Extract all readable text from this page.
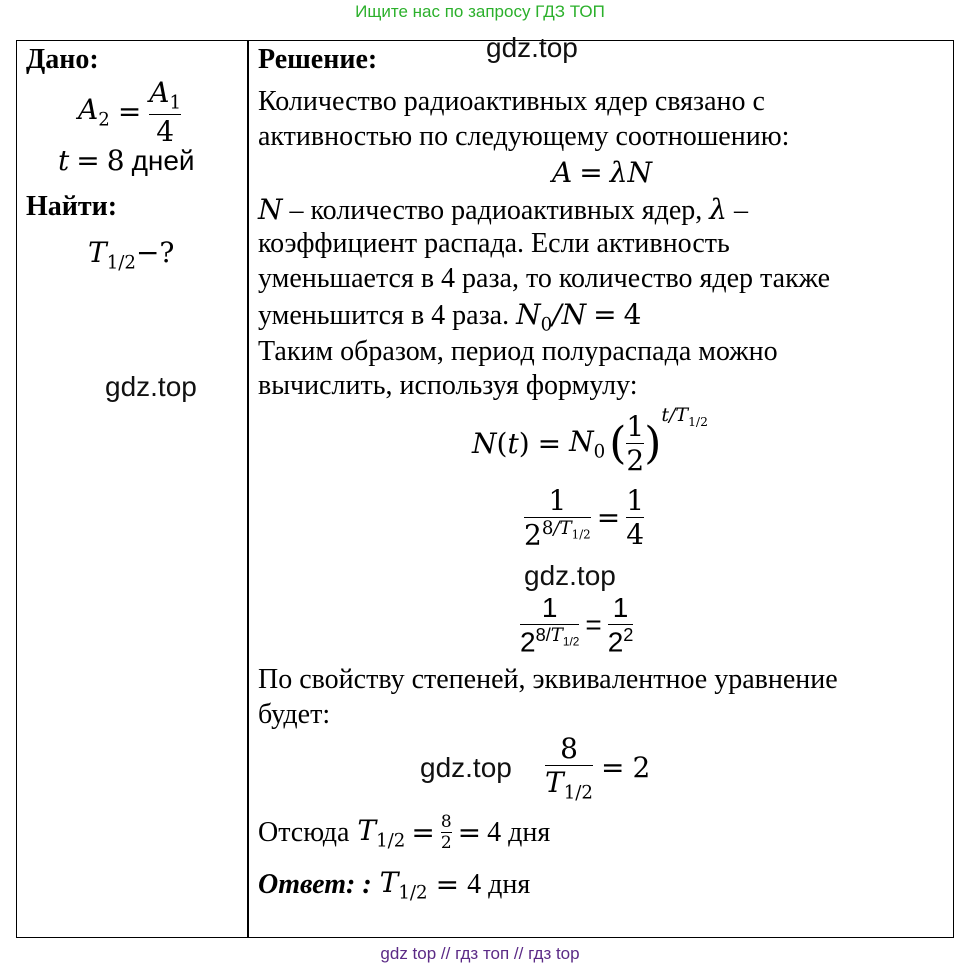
Ищите нас по запросу ГДЗ ТОП
Дано:
$A_2 = \frac{A_1}{4}$
t = 8 дней
Найти:
$T_{1/2}-$?
gdz.top
Решение:	gdz.top
Количество радиоактивных ядер связано с
активностью по следующему соотношению:
A = λN
N – количество радиоактивных ядер, λ –
коэффициент распада. Если активность
уменьшается в 4 раза, то количество ядер также
уменьшится в 4 раза. $N_0/N = 4$
Таким образом, период полураспада можно
вычислить, используя формулу:
N ( t ) = $N_0$ ( $\frac{1}{2}$ )
$t/T_{1/2}$
$\frac{1}{2^{8/T_{1/2}}} = \frac{1}{4}$
gdz.top
$\frac{1}{2^{8/T_{1/2}}} = \frac{1}{2^2}$
По свойству степеней, эквивалентное уравнение
будет:
$gdz.top \frac{8}{T_{1/2}} = 2$
Отсюда $T_{1/2} = \frac{8}{2} = 4$ дня
Ответ: : $T_{1/2} = 4$ дня
gdz top // гдз топ // гдз top
